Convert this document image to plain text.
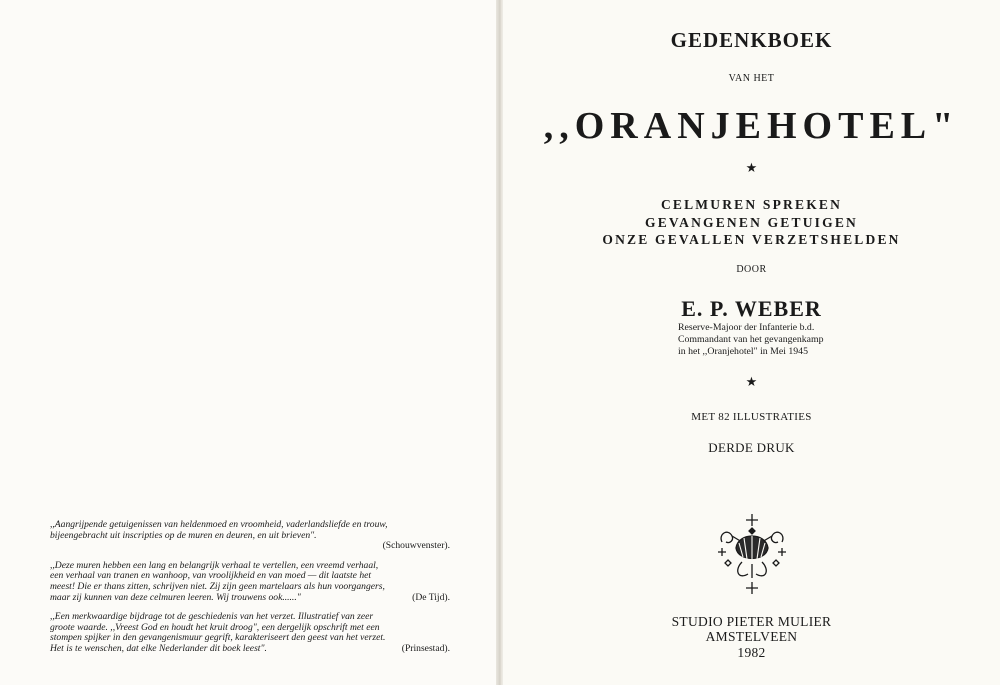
,,Aangrijpende getuigenissen van heldenmoed en vroomheid, vaderlandsliefde en trouw,
bijeengebracht uit inscripties op de muren en deuren, en uit brieven".
(Schouwvenster).
,,Deze muren hebben een lang en belangrijk verhaal te vertellen, een vreemd verhaal,
een verhaal van tranen en wanhoop, van vroolijkheid en van moed — dit laatste het
meest! Die er thans zitten, schrijven niet. Zij zijn geen martelaars als hun voorgangers,
maar zij kunnen van deze celmuren leeren. Wij trouwens ook......"	(De Tijd).
,,Een merkwaardige bijdrage tot de geschiedenis van het verzet. Illustratief van zeer
groote waarde. ,,Vreest God en houdt het kruit droog", een dergelijk opschrift met een
stompen spijker in den gevangenismuur gegrift, karakteriseert den geest van het verzet.
Het is te wenschen, dat elke Nederlander dit boek leest".	(Prinsestad).
GEDENKBOEK
VAN HET
,,ORANJEHOTEL"
★
CELMUREN SPREKEN
GEVANGENEN GETUIGEN
ONZE GEVALLEN VERZETSHELDEN
DOOR
E. P. WEBER
Reserve-Majoor der Infanterie b.d.
Commandant van het gevangenkamp
in het ,,Oranjehotel" in Mei 1945
★
MET 82 ILLUSTRATIES
DERDE DRUK
STUDIO PIETER MULIER
AMSTELVEEN
1982
